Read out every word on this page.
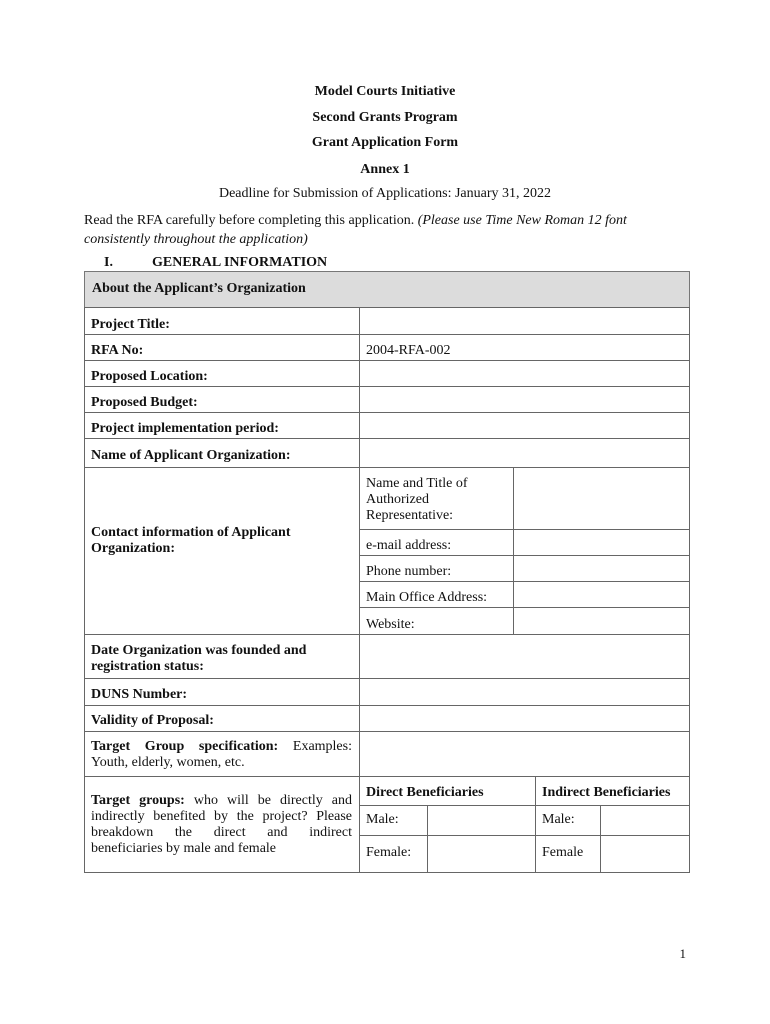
Model Courts Initiative
Second Grants Program
Grant Application Form
Annex 1
Deadline for Submission of Applications: January 31, 2022
Read the RFA carefully before completing this application. (Please use Time New Roman 12 font consistently throughout the application)
I.	GENERAL INFORMATION
About the Applicant’s Organization
Project Title:
RFA No:	2004-RFA-002
Proposed Location:
Proposed Budget:
Project implementation period:
Name of Applicant Organization:
Contact information of Applicant Organization:
Name and Title of Authorized Representative:
e-mail address:
Phone number:
Main Office Address:
Website:
Date Organization was founded and registration status:
DUNS Number:
Validity of Proposal:
Target Group specification: Examples: Youth, elderly, women, etc.
Target groups: who will be directly and indirectly benefited by the project? Please breakdown the direct and indirect beneficiaries by male and female
Direct Beneficiaries	Indirect Beneficiaries
Male:	Male:
Female:	Female
1
